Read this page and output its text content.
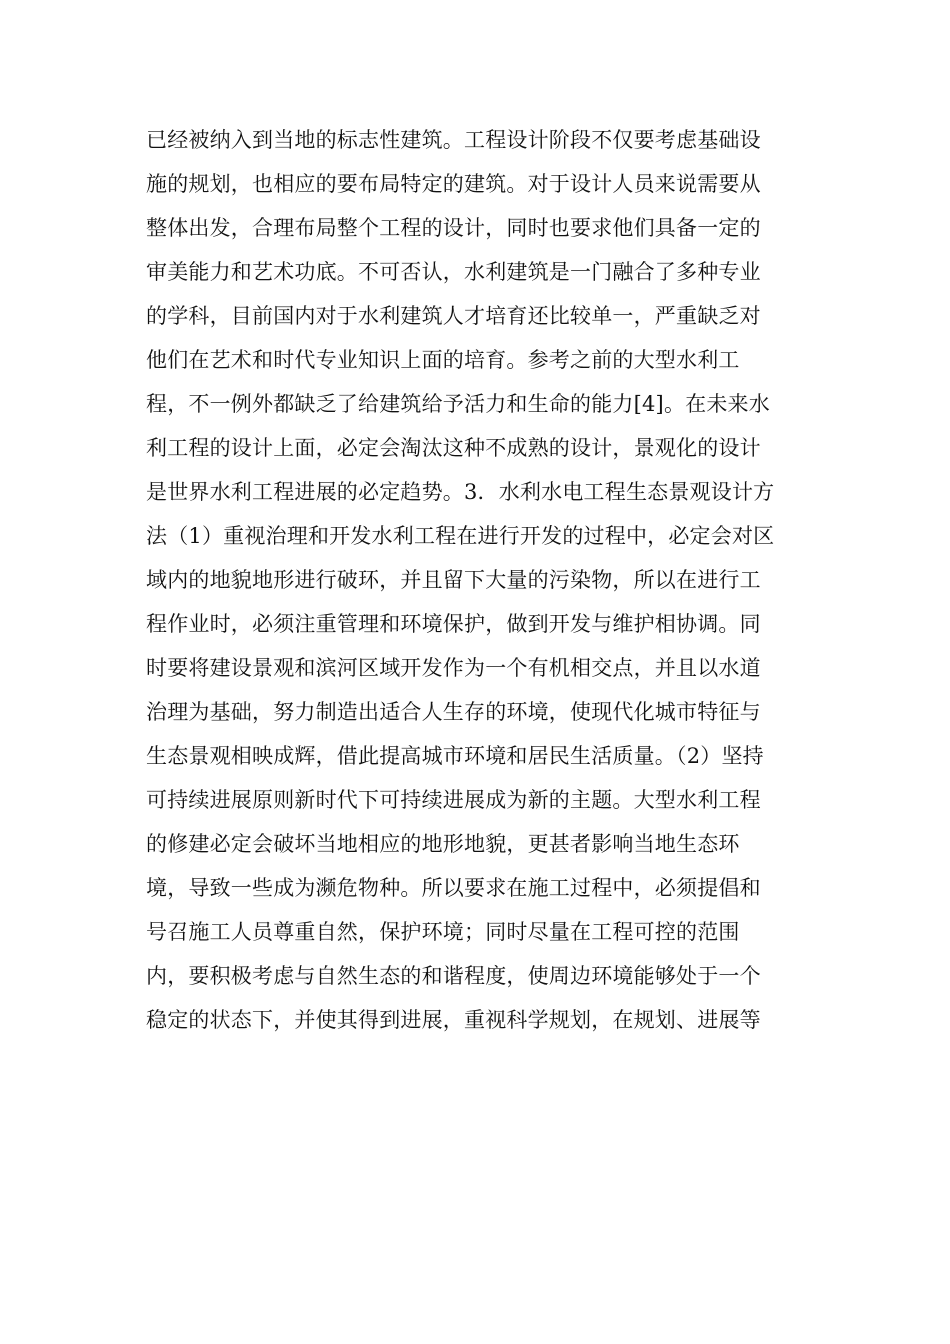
已经被纳入到当地的标志性建筑。工程设计阶段不仅要考虑基础设
施的规划，也相应的要布局特定的建筑。对于设计人员来说需要从
整体出发，合理布局整个工程的设计，同时也要求他们具备一定的
审美能力和艺术功底。不可否认，水利建筑是一门融合了多种专业
的学科，目前国内对于水利建筑人才培育还比较单一，严重缺乏对
他们在艺术和时代专业知识上面的培育。参考之前的大型水利工
程，不一例外都缺乏了给建筑给予活力和生命的能力[4]。在未来水
利工程的设计上面，必定会淘汰这种不成熟的设计，景观化的设计
是世界水利工程进展的必定趋势。3．水利水电工程生态景观设计方
法（1）重视治理和开发水利工程在进行开发的过程中，必定会对区
域内的地貌地形进行破环，并且留下大量的污染物，所以在进行工
程作业时，必须注重管理和环境保护，做到开发与维护相协调。同
时要将建设景观和滨河区域开发作为一个有机相交点，并且以水道
治理为基础，努力制造出适合人生存的环境，使现代化城市特征与
生态景观相映成辉，借此提高城市环境和居民生活质量。（2）坚持
可持续进展原则新时代下可持续进展成为新的主题。大型水利工程
的修建必定会破坏当地相应的地形地貌，更甚者影响当地生态环
境，导致一些成为濒危物种。所以要求在施工过程中，必须提倡和
号召施工人员尊重自然，保护环境；同时尽量在工程可控的范围
内，要积极考虑与自然生态的和谐程度，使周边环境能够处于一个
稳定的状态下，并使其得到进展，重视科学规划，在规划、进展等
